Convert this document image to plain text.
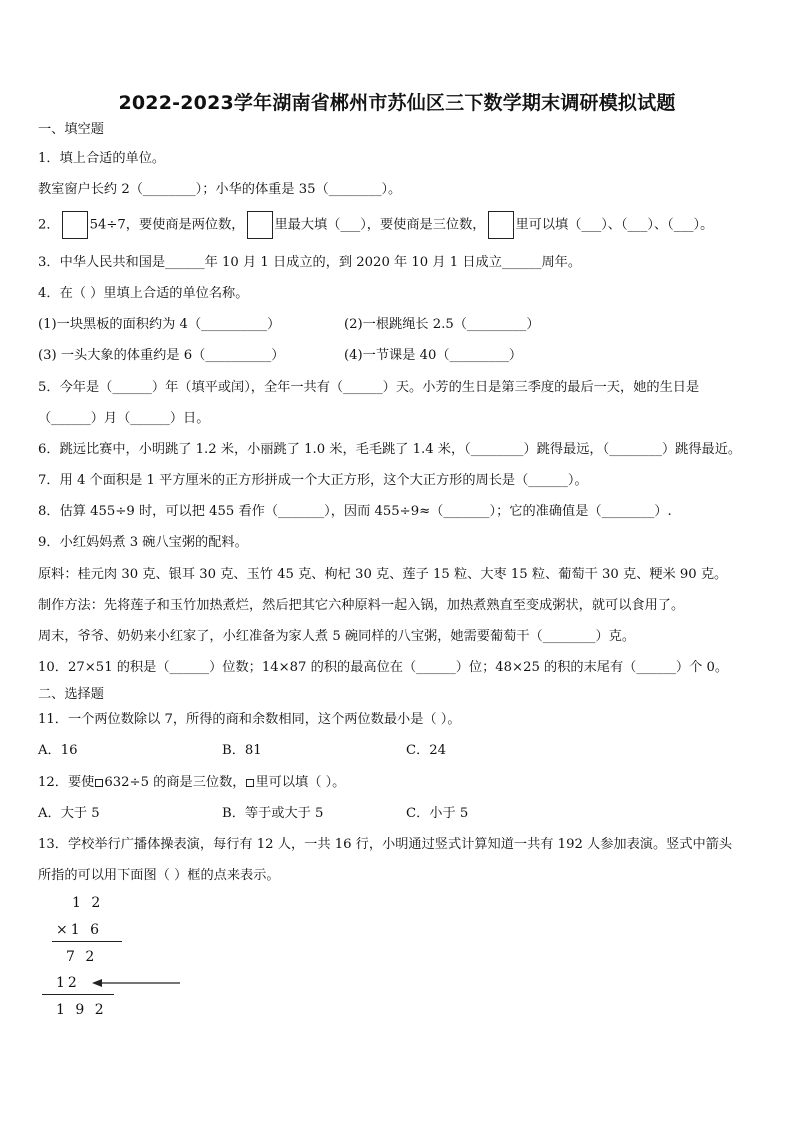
2022-2023学年湖南省郴州市苏仙区三下数学期末调研模拟试题
一、填空题
1．填上合适的单位。
教室窗户长约 2（________）；小华的体重是 35（________）。
2． 54÷7，要使商是两位数， 里最大填（___），要使商是三位数， 里可以填（___）、（___）、（___）。
3．中华人民共和国是______年 10 月 1 日成立的，到 2020 年 10 月 1 日成立______周年。
4．在（ ）里填上合适的单位名称。
(1)一块黑板的面积约为 4（__________）	(2)一根跳绳长 2.5（_________）
(3) 一头大象的体重约是 6（__________）	(4)一节课是 40（_________）
5．今年是（______）年（填平或闰），全年一共有（______）天。小芳的生日是第三季度的最后一天，她的生日是
（______）月（______）日。
6．跳远比赛中，小明跳了 1.2 米，小丽跳了 1.0 米，毛毛跳了 1.4 米，（________）跳得最远，（________）跳得最近。
7．用 4 个面积是 1 平方厘米的正方形拼成一个大正方形，这个大正方形的周长是（______）。
8．估算 455÷9 时，可以把 455 看作（_______），因而 455÷9≈（_______）；它的准确值是（________）.
9．小红妈妈煮 3 碗八宝粥的配料。
原料：桂元肉 30 克、银耳 30 克、玉竹 45 克、枸杞 30 克、莲子 15 粒、大枣 15 粒、葡萄干 30 克、粳米 90 克。
制作方法：先将莲子和玉竹加热煮烂，然后把其它六种原料一起入锅，加热煮熟直至变成粥状，就可以食用了。
周末，爷爷、奶奶来小红家了，小红准备为家人煮 5 碗同样的八宝粥，她需要葡萄干（________）克。
10．27×51 的积是（______）位数；14×87 的积的最高位在（______）位；48×25 的积的末尾有（______）个 0。
二、选择题
11．一个两位数除以 7，所得的商和余数相同，这个两位数最小是（ ）。
A．16	B．81	C．24
12．要使 632÷5 的商是三位数， 里可以填（ ）。
A．大于 5	B．等于或大于 5	C．小于 5
13．学校举行广播体操表演，每行有 12 人，一共 16 行，小明通过竖式计算知道一共有 192 人参加表演。竖式中箭头
所指的可以用下面图（ ）框的点来表示。
1 2
×1 6
7 2
12
1 9 2
